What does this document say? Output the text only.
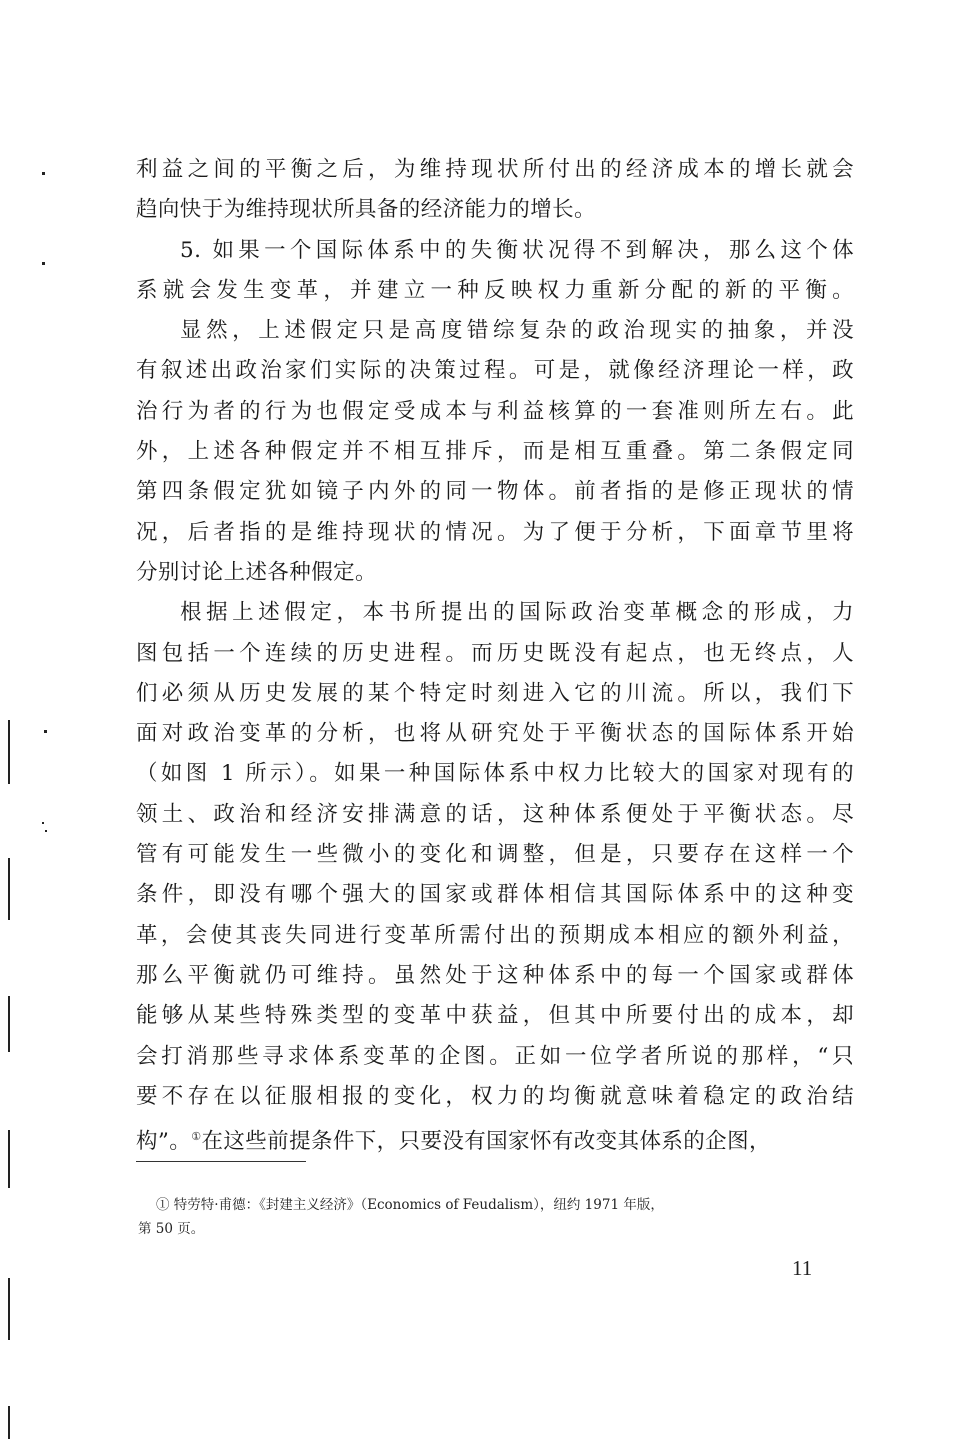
利益之间的平衡之后，为维持现状所付出的经济成本的增长就会
趋向快于为维持现状所具备的经济能力的增长。
5. 如果一个国际体系中的失衡状况得不到解决，那么这个体
系就会发生变革，并建立一种反映权力重新分配的新的平衡。
显然，上述假定只是高度错综复杂的政治现实的抽象，并没
有叙述出政治家们实际的决策过程。可是，就像经济理论一样，政
治行为者的行为也假定受成本与利益核算的一套准则所左右。此
外，上述各种假定并不相互排斥，而是相互重叠。第二条假定同
第四条假定犹如镜子内外的同一物体。前者指的是修正现状的情
况，后者指的是维持现状的情况。为了便于分析，下面章节里将
分别讨论上述各种假定。
根据上述假定，本书所提出的国际政治变革概念的形成，力
图包括一个连续的历史进程。而历史既没有起点，也无终点，人
们必须从历史发展的某个特定时刻进入它的川流。所以，我们下
面对政治变革的分析，也将从研究处于平衡状态的国际体系开始
（如图 1 所示）。如果一种国际体系中权力比较大的国家对现有的
领土、政治和经济安排满意的话，这种体系便处于平衡状态。尽
管有可能发生一些微小的变化和调整，但是，只要存在这样一个
条件，即没有哪个强大的国家或群体相信其国际体系中的这种变
革，会使其丧失同进行变革所需付出的预期成本相应的额外利益，
那么平衡就仍可维持。虽然处于这种体系中的每一个国家或群体
能够从某些特殊类型的变革中获益，但其中所要付出的成本，却
会打消那些寻求体系变革的企图。正如一位学者所说的那样，“只
要不存在以征服相报的变化，权力的均衡就意味着稳定的政治结
构”。①在这些前提条件下，只要没有国家怀有改变其体系的企图，
① 特劳特·甫德：《封建主义经济》（Economics of Feudalism），纽约 1971 年版，
第 50 页。
11
